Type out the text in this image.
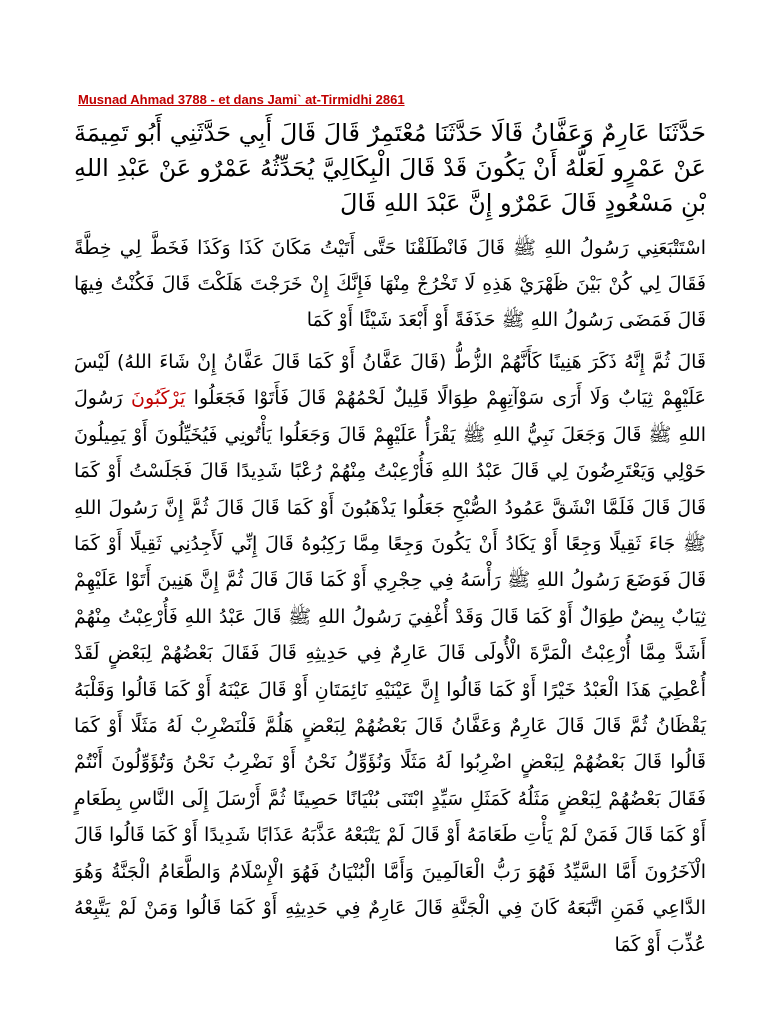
Musnad Ahmad 3788 - et dans Jami` at-Tirmidhi 2861

حَدَّثَنَا عَارِمٌ وَعَفَّانُ قَالَا حَدَّثَنَا مُعْتَمِرٌ قَالَ قَالَ أَبِي حَدَّثَنِي أَبُو تَمِيمَةَ عَنْ عَمْرٍو لَعَلَّهُ أَنْ يَكُونَ قَدْ قَالَ الْبِكَالِيَّ يُحَدِّثُهُ عَمْرٌو عَنْ عَبْدِ اللهِ بْنِ مَسْعُودٍ قَالَ عَمْرٌو إِنَّ عَبْدَ اللهِ قَالَ

اسْتَتْبَعَنِي رَسُولُ اللهِ ﷺ قَالَ فَانْطَلَقْنَا حَتَّى أَتَيْتُ مَكَانَ كَذَا وَكَذَا فَخَطَّ لِي خِطَّةً فَقَالَ لِي كُنْ بَيْنَ ظَهْرَيْ هَذِهِ لَا تَخْرُجْ مِنْهَا فَإِنَّكَ إِنْ خَرَجْتَ هَلَكْتَ قَالَ فَكُنْتُ فِيهَا قَالَ فَمَضَى رَسُولُ اللهِ ﷺ حَذَفَةً أَوْ أَبْعَدَ شَيْئًا أَوْ كَمَا

قَالَ ثُمَّ إِنَّهُ ذَكَرَ هَنِينًا كَأَنَّهُمْ الزُّطُّ (قَالَ عَفَّانُ أَوْ كَمَا قَالَ عَفَّانُ إِنْ شَاءَ اللهُ) لَيْسَ عَلَيْهِمْ ثِيَابٌ وَلَا أَرَى سَوْآتِهِمْ طِوَالًا قَلِيلٌ لَحْمُهُمْ قَالَ فَأَتَوْا فَجَعَلُوا يَرْكَبُونَ رَسُولَ اللهِ ﷺ قَالَ وَجَعَلَ نَبِيُّ اللهِ ﷺ يَقْرَأُ عَلَيْهِمْ قَالَ وَجَعَلُوا يَأْتُونِي فَيُخَيِّلُونَ أَوْ يَمِيلُونَ حَوْلِي وَيَعْتَرِضُونَ لِي قَالَ عَبْدُ اللهِ فَأُرْعِبْتُ مِنْهُمْ رُعْبًا شَدِيدًا قَالَ فَجَلَسْتُ أَوْ كَمَا قَالَ قَالَ فَلَمَّا انْشَقَّ عَمُودُ الصُّبْحِ جَعَلُوا يَذْهَبُونَ أَوْ كَمَا قَالَ قَالَ ثُمَّ إِنَّ رَسُولَ اللهِ ﷺ جَاءَ ثَقِيلًا وَجِعًا أَوْ يَكَادُ أَنْ يَكُونَ وَجِعًا مِمَّا رَكِبُوهُ قَالَ إِنِّي لَأَجِدُنِي ثَقِيلًا أَوْ كَمَا قَالَ فَوَضَعَ رَسُولُ اللهِ ﷺ رَأْسَهُ فِي حِجْرِي أَوْ كَمَا قَالَ قَالَ ثُمَّ إِنَّ هَنِينَ أَتَوْا عَلَيْهِمْ ثِيَابٌ بِيضٌ طِوَالٌ أَوْ كَمَا قَالَ وَقَدْ أُغْفِيَ رَسُولُ اللهِ ﷺ قَالَ عَبْدُ اللهِ فَأُرْعِبْتُ مِنْهُمْ أَشَدَّ مِمَّا أُرْعِبْتُ الْمَرَّةَ الْأُولَى قَالَ عَارِمٌ فِي حَدِيثِهِ قَالَ فَقَالَ بَعْضُهُمْ لِبَعْضٍ لَقَدْ أُعْطِيَ هَذَا الْعَبْدُ خَيْرًا أَوْ كَمَا قَالُوا إِنَّ عَيْنَيْهِ نَائِمَتَانِ أَوْ قَالَ عَيْنَهُ أَوْ كَمَا قَالُوا وَقَلْبَهُ يَقْظَانُ ثُمَّ قَالَ قَالَ عَارِمٌ وَعَفَّانُ قَالَ بَعْضُهُمْ لِبَعْضٍ هَلُمَّ فَلْنَضْرِبْ لَهُ مَثَلًا أَوْ كَمَا قَالُوا قَالَ بَعْضُهُمْ لِبَعْضٍ اضْرِبُوا لَهُ مَثَلًا وَنُؤَوِّلُ نَحْنُ أَوْ نَضْرِبُ نَحْنُ وَتُؤَوِّلُونَ أَنْتُمْ فَقَالَ بَعْضُهُمْ لِبَعْضٍ مَثَلُهُ كَمَثَلِ سَيِّدٍ ابْتَنَى بُنْيَانًا حَصِينًا ثُمَّ أَرْسَلَ إِلَى النَّاسِ بِطَعَامٍ أَوْ كَمَا قَالَ فَمَنْ لَمْ يَأْتِ طَعَامَهُ أَوْ قَالَ لَمْ يَتْبَعْهُ عَذَّبَهُ عَذَابًا شَدِيدًا أَوْ كَمَا قَالُوا قَالَ الْآخَرُونَ أَمَّا السَّيِّدُ فَهُوَ رَبُّ الْعَالَمِينَ وَأَمَّا الْبُنْيَانُ فَهُوَ الْإِسْلَامُ وَالطَّعَامُ الْجَنَّةُ وَهُوَ الدَّاعِي فَمَنِ اتَّبَعَهُ كَانَ فِي الْجَنَّةِ قَالَ عَارِمٌ فِي حَدِيثِهِ أَوْ كَمَا قَالُوا وَمَنْ لَمْ يَتَّبِعْهُ عُذِّبَ أَوْ كَمَا
